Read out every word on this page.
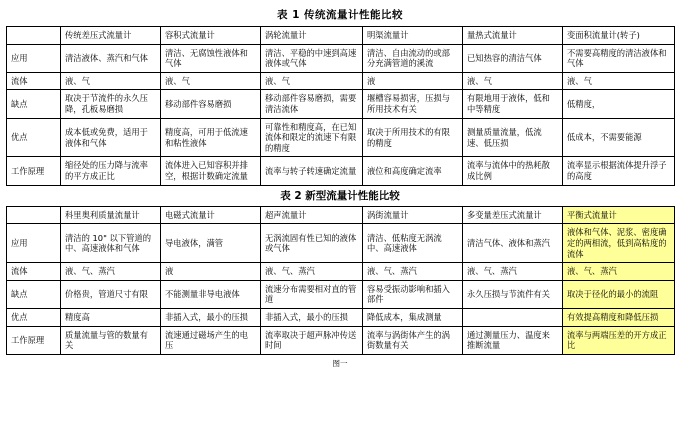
表 1 传统流量计性能比较
	传统差压式流量计	容积式流量计	涡轮流量计	明渠流量计	量热式流量计	变面积流量计(转子)
应用	清洁液体、蒸汽和气体	清洁、无腐蚀性液体和气体	清洁、平稳的中速到高速液体或气体	清洁、自由流动的或部分充满管道的溪流	已知热容的清洁气体	不需要高精度的清洁液体和气体
流体	液、气	液、气	液、气	液	液、气	液、气
缺点	取决于节流件的永久压降，孔板易磨损	移动部件容易磨损	移动部件容易磨损，需要清洁流体	堰槽容易损害，压损与所用技术有关	有限地用于液体，低和中等精度	低精度，
优点	成本低或免费，适用于液体和气体	精度高，可用于低流速和粘性液体	可靠性和精度高，在已知流体和限定的流速下有限的精度	取决于所用技术的有限的精度	测量质量流量，低流速、低压损	低成本，不需要能源
工作原理	缩径处的压力降与流率的平方成正比	流体进入已知容积并排空，根据计数确定流量	流率与转子转速确定流量	液位和高度确定流率	流率与流体中的热耗散成比例	流率显示根据流体提升浮子的高度
表 2 新型流量计性能比较
	科里奥利质量流量计	电磁式流量计	超声流量计	涡街流量计	多变量差压式流量计	平衡式流量计
应用	清洁的 10" 以下管道的中、高速液体和气体	导电液体，满管	无涡流固有性已知的液体或气体	清洁、低粘度无涡流中、高速液体	清洁气体、液体和蒸汽	液体和气体、泥浆、密度确定的两相流，低到高粘度的流体
流体	液、气、蒸汽	液	液、气、蒸汽	液、气、蒸汽	液、气、蒸汽	液、气、蒸汽
缺点	价格贵，管道尺寸有限	不能测量非导电液体	流速分布需要相对直的管道	容易受振动影响和插入部件	永久压损与节流件有关	取决于径化的最小的流阻
优点	精度高	非插入式，最小的压损	非插入式，最小的压损	降低成本，集成测量		有效提高精度和降低压损
工作原理	质量流量与管的数量有关	流速通过磁场产生的电压	流率取决于超声脉冲传送时间	流率与涡街体产生的涡街数量有关	通过测量压力、温度来推断流量	流率与两端压差的开方成正比
图一
